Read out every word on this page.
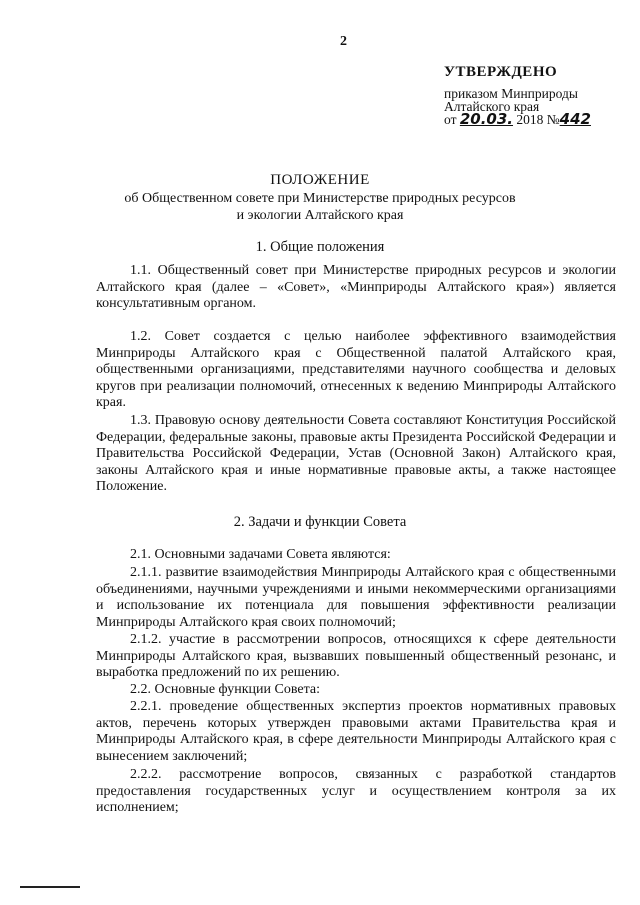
2
УТВЕРЖДЕНО
приказом Минприроды
Алтайского края
от 20.03. 2018 №442
ПОЛОЖЕНИЕ
об Общественном совете при Министерстве природных ресурсов
и экологии Алтайского края
1. Общие положения

1.1. Общественный совет при Министерстве природных ресурсов и экологии Алтайского края (далее – «Совет», «Минприроды Алтайского края») является консультативным органом.

1.2. Совет создается с целью наиболее эффективного взаимодействия Минприроды Алтайского края с Общественной палатой Алтайского края, общественными организациями, представителями научного сообщества и деловых кругов при реализации полномочий, отнесенных к ведению Минприроды Алтайского края.

1.3. Правовую основу деятельности Совета составляют Конституция Российской Федерации, федеральные законы, правовые акты Президента Российской Федерации и Правительства Российской Федерации, Устав (Основной Закон) Алтайского края, законы Алтайского края и иные нормативные правовые акты, а также настоящее Положение.

2. Задачи и функции Совета

2.1. Основными задачами Совета являются:

2.1.1. развитие взаимодействия Минприроды Алтайского края с общественными объединениями, научными учреждениями и иными некоммерческими организациями и использование их потенциала для повышения эффективности реализации Минприроды Алтайского края своих полномочий;

2.1.2. участие в рассмотрении вопросов, относящихся к сфере деятельности Минприроды Алтайского края, вызвавших повышенный общественный резонанс, и выработка предложений по их решению.

2.2. Основные функции Совета:

2.2.1. проведение общественных экспертиз проектов нормативных правовых актов, перечень которых утвержден правовыми актами Правительства края и Минприроды Алтайского края, в сфере деятельности Минприроды Алтайского края с вынесением заключений;

2.2.2. рассмотрение вопросов, связанных с разработкой стандартов предоставления государственных услуг и осуществлением контроля за их исполнением;
